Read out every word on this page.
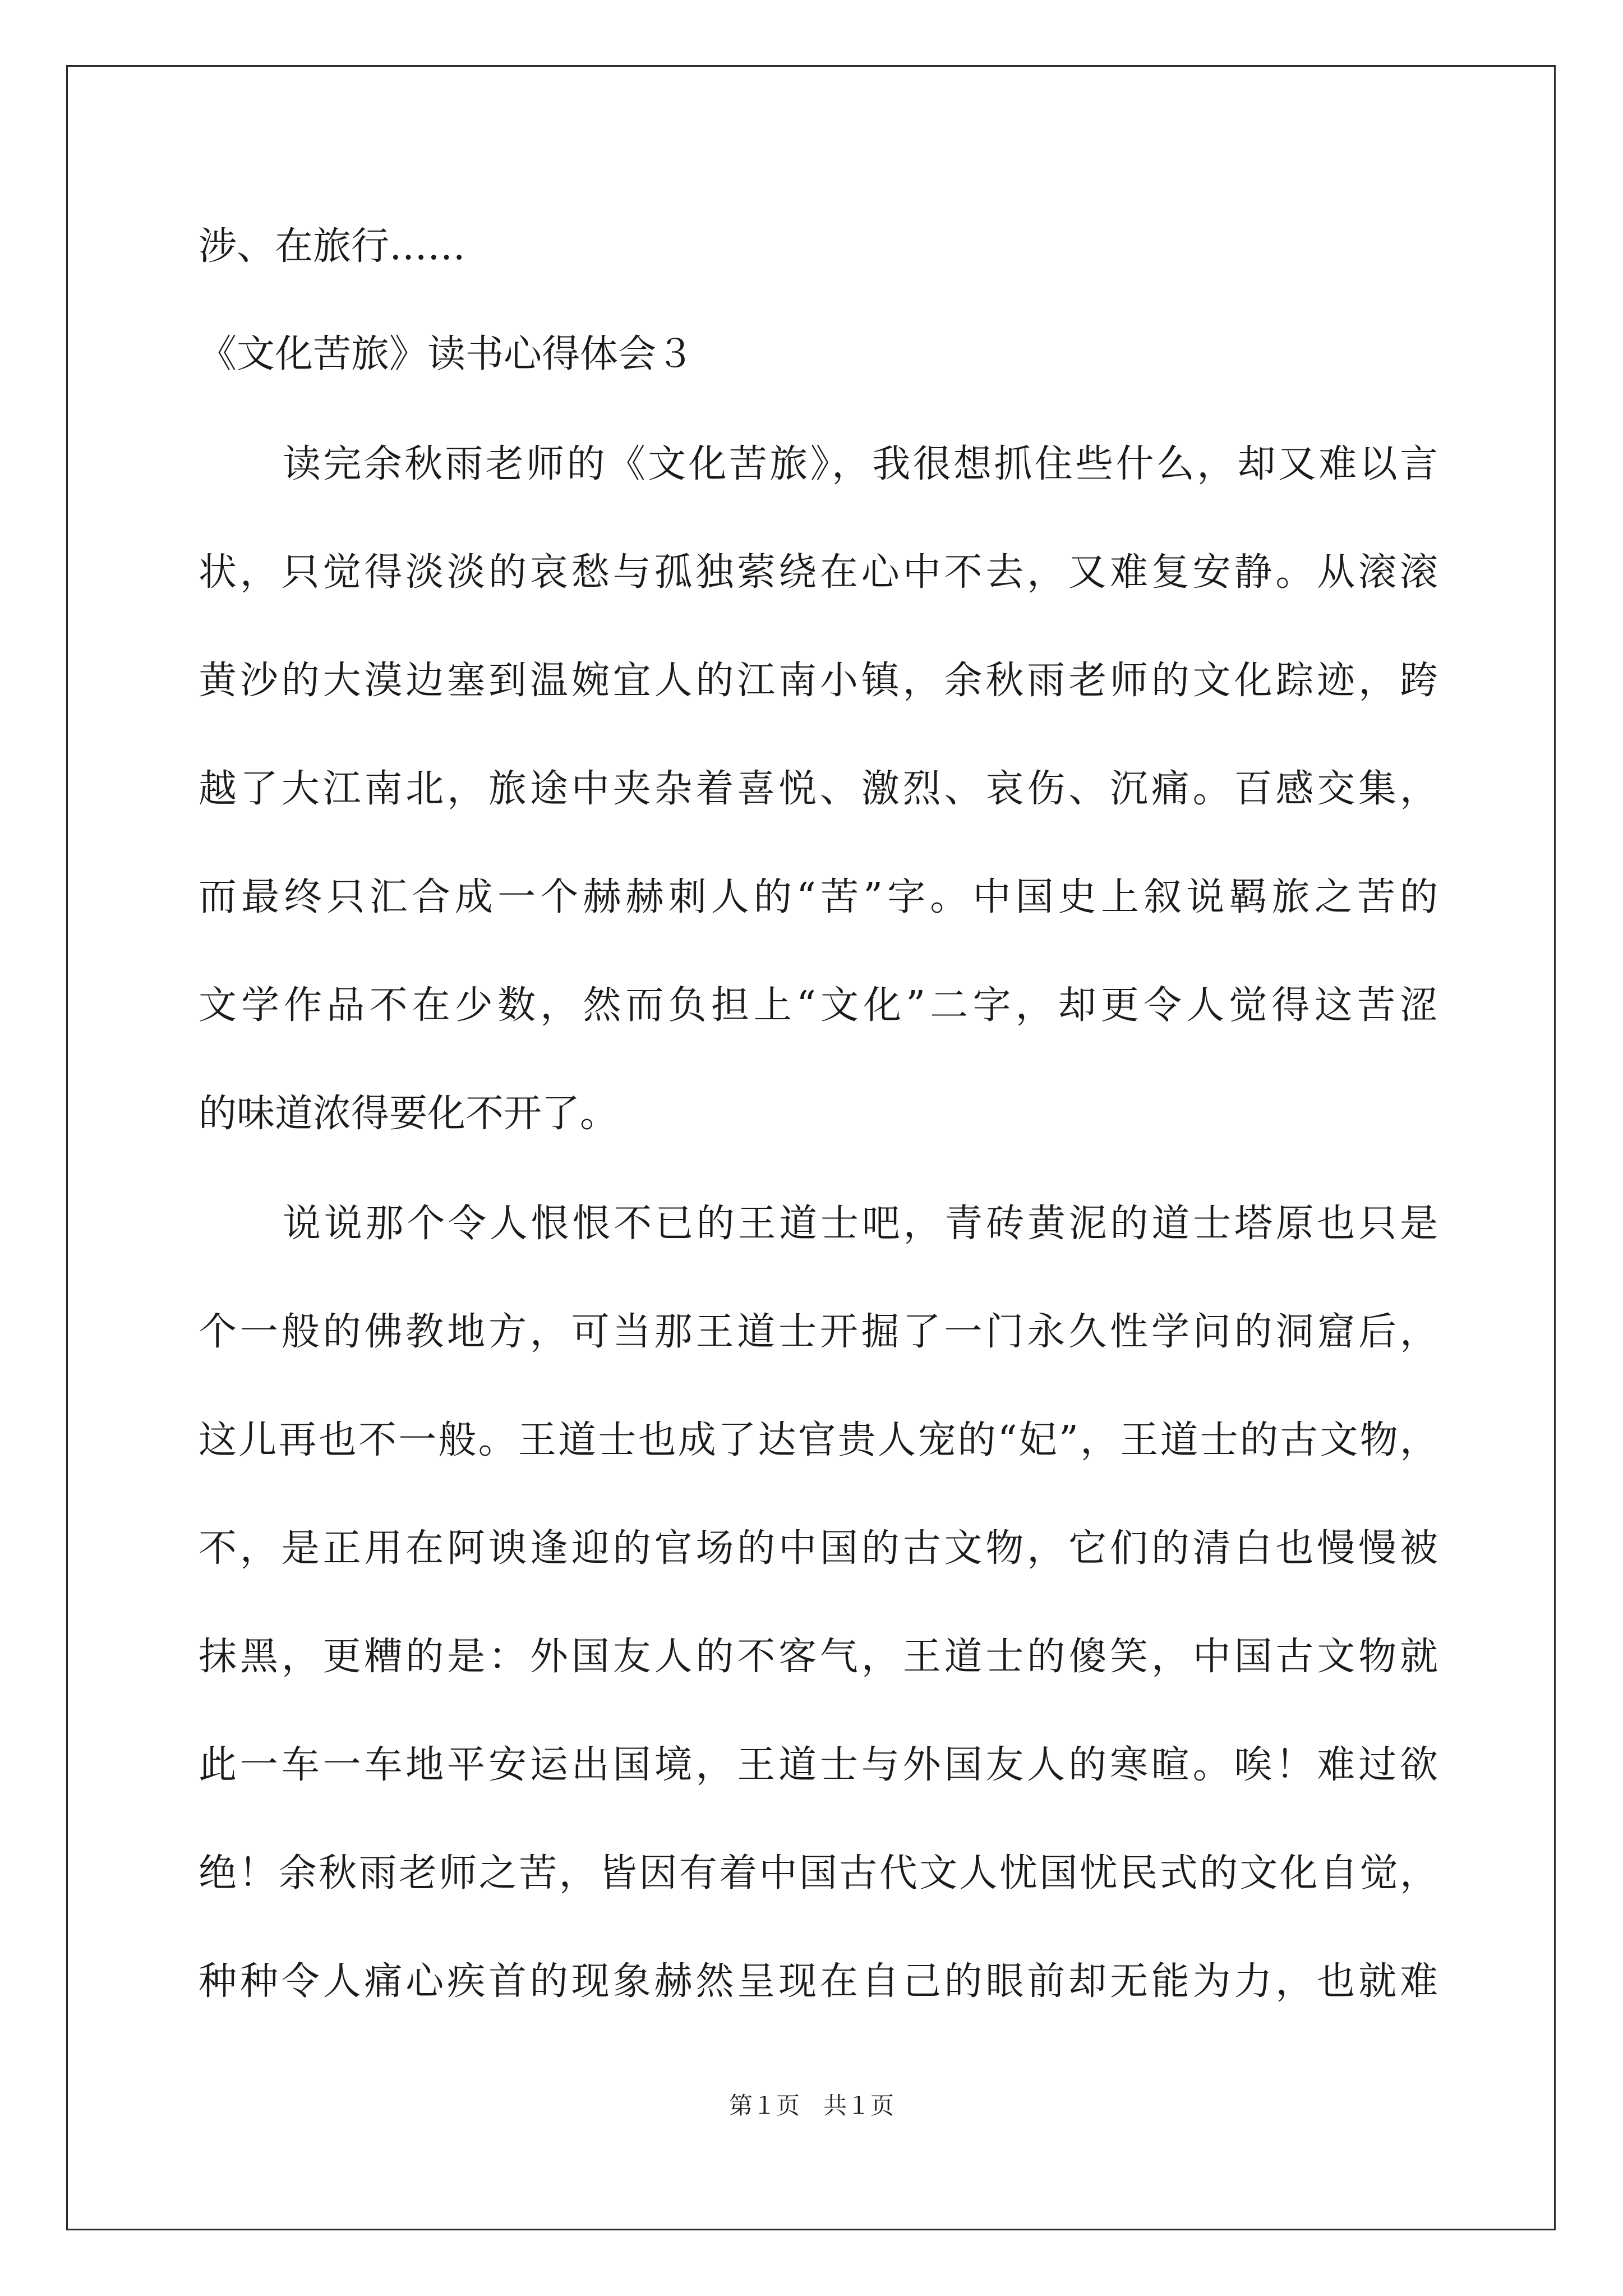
涉、在旅行……
《文化苦旅》读书心得体会３
读完余秋雨老师的《文化苦旅》，我很想抓住些什么，却又难以言
状，只觉得淡淡的哀愁与孤独萦绕在心中不去，又难复安静。从滚滚
黄沙的大漠边塞到温婉宜人的江南小镇，余秋雨老师的文化踪迹，跨
越了大江南北，旅途中夹杂着喜悦、激烈、哀伤、沉痛。百感交集，
而最终只汇合成一个赫赫刺人的“苦”字。中国史上叙说羁旅之苦的
文学作品不在少数，然而负担上“文化”二字，却更令人觉得这苦涩
的味道浓得要化不开了。
说说那个令人恨恨不已的王道士吧，青砖黄泥的道士塔原也只是
个一般的佛教地方，可当那王道士开掘了一门永久性学问的洞窟后，
这儿再也不一般。王道士也成了达官贵人宠的“妃”，王道士的古文物，
不，是正用在阿谀逢迎的官场的中国的古文物，它们的清白也慢慢被
抹黑，更糟的是：外国友人的不客气，王道士的傻笑，中国古文物就
此一车一车地平安运出国境，王道士与外国友人的寒暄。唉！难过欲
绝！余秋雨老师之苦，皆因有着中国古代文人忧国忧民式的文化自觉，
种种令人痛心疾首的现象赫然呈现在自己的眼前却无能为力，也就难
第１页　共１页
